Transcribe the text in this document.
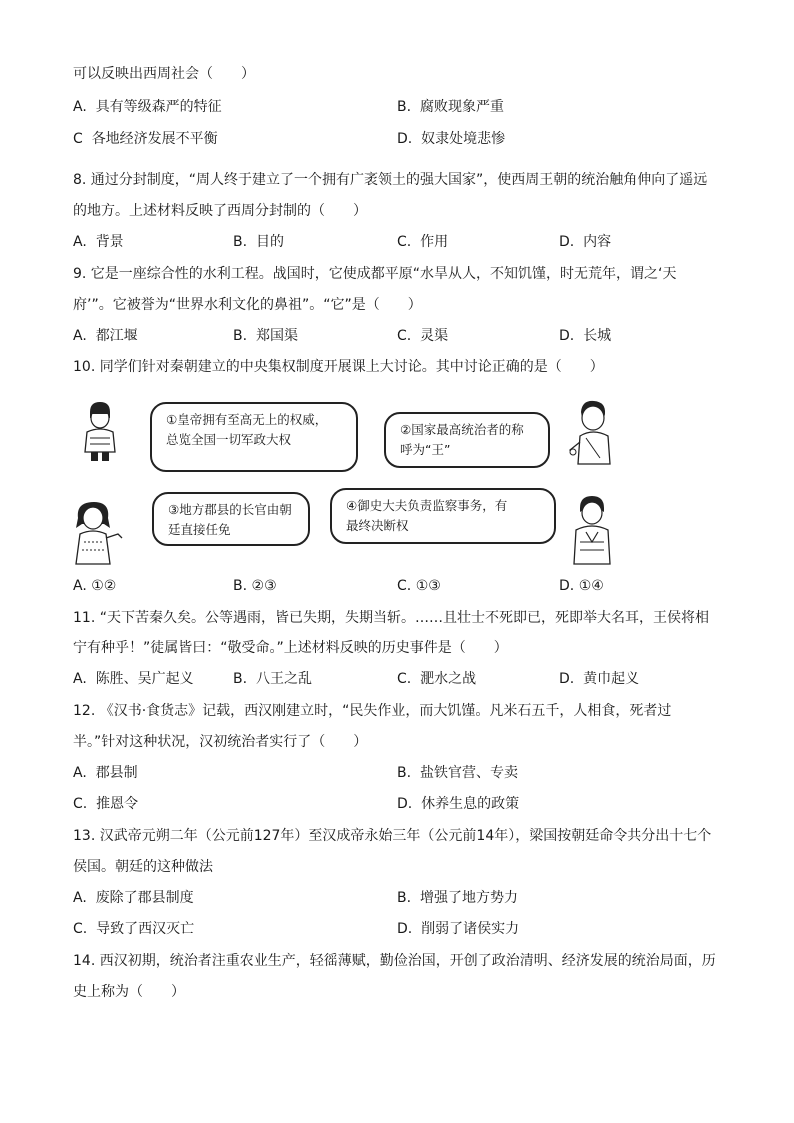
可以反映出西周社会（　　）
A. 具有等级森严的特征	B. 腐败现象严重
C 各地经济发展不平衡	D. 奴隶处境悲惨
8. 通过分封制度，“周人终于建立了一个拥有广袤领土的强大国家”，使西周王朝的统治触角伸向了遥远
的地方。上述材料反映了西周分封制的（　　）
A. 背景	B. 目的	C. 作用	D. 内容
9. 它是一座综合性的水利工程。战国时，它使成都平原“水旱从人，不知饥馑，时无荒年，谓之‘天
府’”。它被誉为“世界水利文化的鼻祖”。“它”是（　　）
A. 都江堰	B. 郑国渠	C. 灵渠	D. 长城
10. 同学们针对秦朝建立的中央集权制度开展课上大讨论。其中讨论正确的是（　　）
①皇帝拥有至高无上的权威，
总览全国一切军政大权
②国家最高统治者的称
呼为“王”
③地方郡县的长官由朝
廷直接任免
④御史大夫负责监察事务，有
最终决断权
A. ①②	B. ②③	C. ①③	D. ①④
11. “天下苦秦久矣。公等遇雨，皆已失期，失期当斩。……且壮士不死即已，死即举大名耳，王侯将相
宁有种乎！”徒属皆曰：“敬受命。”上述材料反映的历史事件是（　　）
A. 陈胜、吴广起义	B. 八王之乱	C. 淝水之战	D. 黄巾起义
12. 《汉书·食货志》记载，西汉刚建立时，“民失作业，而大饥馑。凡米石五千，人相食，死者过
半。”针对这种状况，汉初统治者实行了（　　）
A. 郡县制	B. 盐铁官营、专卖
C. 推恩令	D. 休养生息的政策
13. 汉武帝元朔二年（公元前127年）至汉成帝永始三年（公元前14年），梁国按朝廷命令共分出十七个
侯国。朝廷的这种做法
A. 废除了郡县制度	B. 增强了地方势力
C. 导致了西汉灭亡	D. 削弱了诸侯实力
14. 西汉初期，统治者注重农业生产，轻徭薄赋，勤俭治国，开创了政治清明、经济发展的统治局面，历
史上称为（　　）
